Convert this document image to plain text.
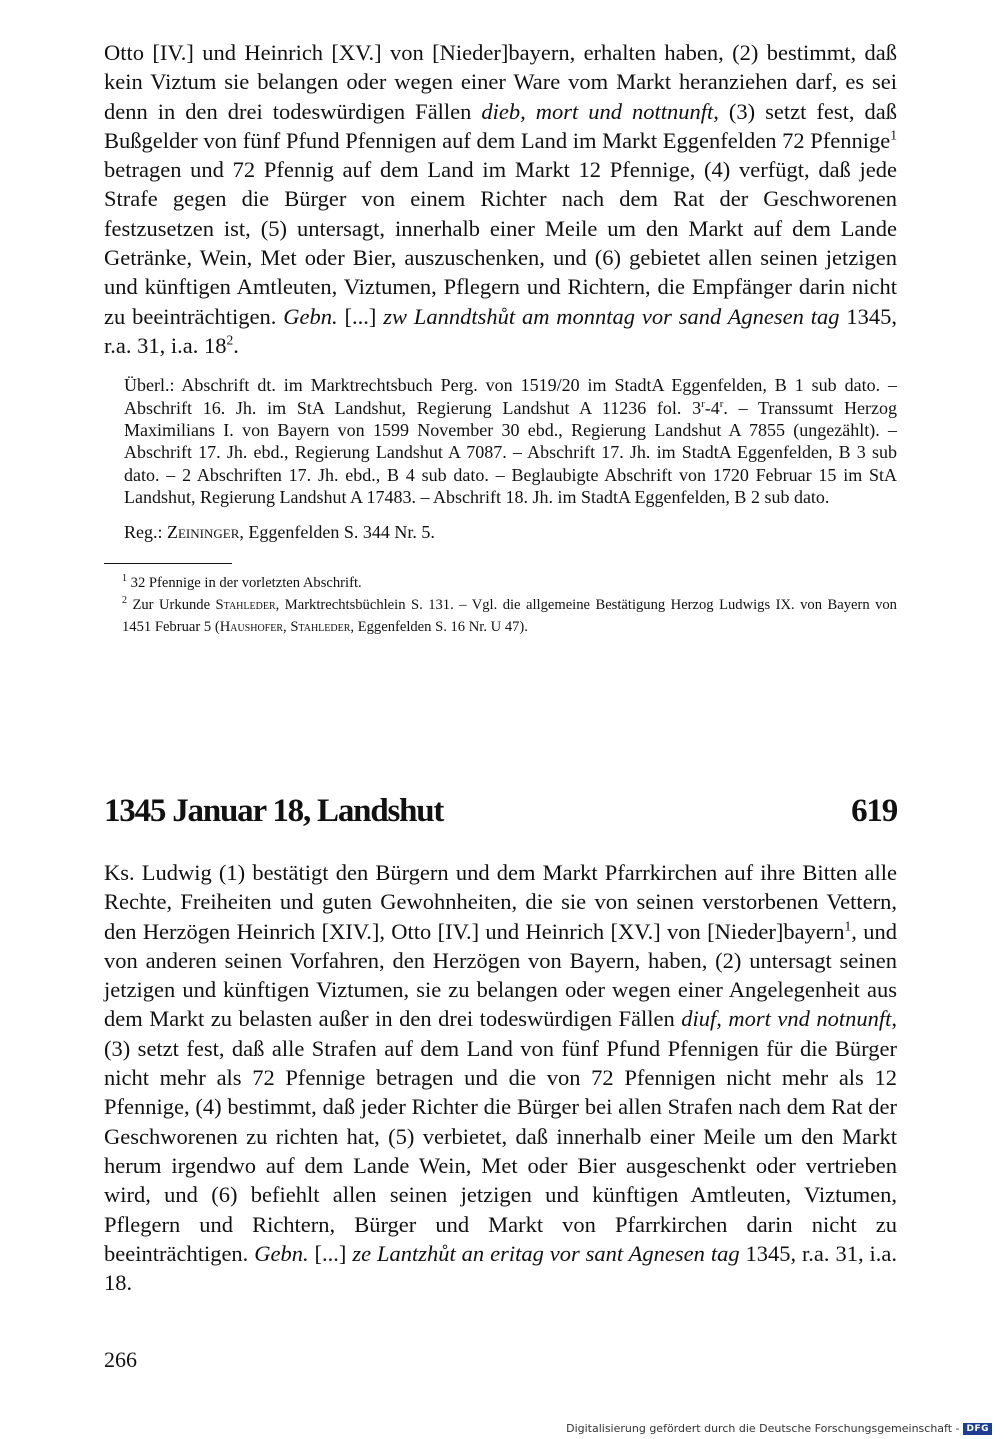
Otto [IV.] und Heinrich [XV.] von [Nieder]bayern, erhalten haben, (2) bestimmt, daß kein Viztum sie belangen oder wegen einer Ware vom Markt heranziehen darf, es sei denn in den drei todeswürdigen Fällen dieb, mort und nottnunft, (3) setzt fest, daß Bußgelder von fünf Pfund Pfennigen auf dem Land im Markt Eggenfelden 72 Pfennige$^1$ betragen und 72 Pfennig auf dem Land im Markt 12 Pfennige, (4) verfügt, daß jede Strafe gegen die Bürger von einem Richter nach dem Rat der Geschworenen festzusetzen ist, (5) untersagt, innerhalb einer Meile um den Markt auf dem Lande Getränke, Wein, Met oder Bier, auszuschenken, und (6) gebietet allen seinen jetzigen und künftigen Amtleuten, Viztumen, Pflegern und Richtern, die Empfänger darin nicht zu beeinträchtigen. Gebn. [...] zw Lanndtshůt am monntag vor sand Agnesen tag 1345, r.a. 31, i.a. $18^2$.

Überl.: Abschrift dt. im Marktrechtsbuch Perg. von 1519/20 im StadtA Eggenfelden, B 1 sub dato. – Abschrift 16. Jh. im StA Landshut, Regierung Landshut A 11236 fol. 3$^r$-4$^r$. – Transsumt Herzog Maximilians I. von Bayern von 1599 November 30 ebd., Regierung Landshut A 7855 (ungezählt). – Abschrift 17. Jh. ebd., Regierung Landshut A 7087. – Abschrift 17. Jh. im StadtA Eggenfelden, B 3 sub dato. – 2 Abschriften 17. Jh. ebd., B 4 sub dato. – Beglaubigte Abschrift von 1720 Februar 15 im StA Landshut, Regierung Landshut A 17483. – Abschrift 18. Jh. im StadtA Eggenfelden, B 2 sub dato.

Reg.: Zeininger, Eggenfelden S. 344 Nr. 5.

$^1$ 32 Pfennige in der vorletzten Abschrift.

$^2$ Zur Urkunde Stahleder, Marktrechtsbüchlein S. 131. – Vgl. die allgemeine Bestätigung Herzog Ludwigs IX. von Bayern von 1451 Februar 5 (Haushofer, Stahleder, Eggenfelden S. 16 Nr. U 47).

1345 Januar 18, Landshut	619

Ks. Ludwig (1) bestätigt den Bürgern und dem Markt Pfarrkirchen auf ihre Bitten alle Rechte, Freiheiten und guten Gewohnheiten, die sie von seinen verstorbenen Vettern, den Herzögen Heinrich [XIV.], Otto [IV.] und Heinrich [XV.] von [Nieder]bayern$^1$, und von anderen seinen Vorfahren, den Herzögen von Bayern, haben, (2) untersagt seinen jetzigen und künftigen Viztumen, sie zu belangen oder wegen einer Angelegenheit aus dem Markt zu belasten außer in den drei todeswürdigen Fällen diuf, mort vnd notnunft, (3) setzt fest, daß alle Strafen auf dem Land von fünf Pfund Pfennigen für die Bürger nicht mehr als 72 Pfennige betragen und die von 72 Pfennigen nicht mehr als 12 Pfennige, (4) bestimmt, daß jeder Richter die Bürger bei allen Strafen nach dem Rat der Geschworenen zu richten hat, (5) verbietet, daß innerhalb einer Meile um den Markt herum irgendwo auf dem Lande Wein, Met oder Bier ausgeschenkt oder vertrieben wird, und (6) befiehlt allen seinen jetzigen und künftigen Amtleuten, Viztumen, Pflegern und Richtern, Bürger und Markt von Pfarrkirchen darin nicht zu beeinträchtigen. Gebn. [...] ze Lantzhůt an eritag vor sant Agnesen tag 1345, r.a. 31, i.a. 18.

266
Digitalisierung gefördert durch die Deutsche Forschungsgemeinschaft - DFG
